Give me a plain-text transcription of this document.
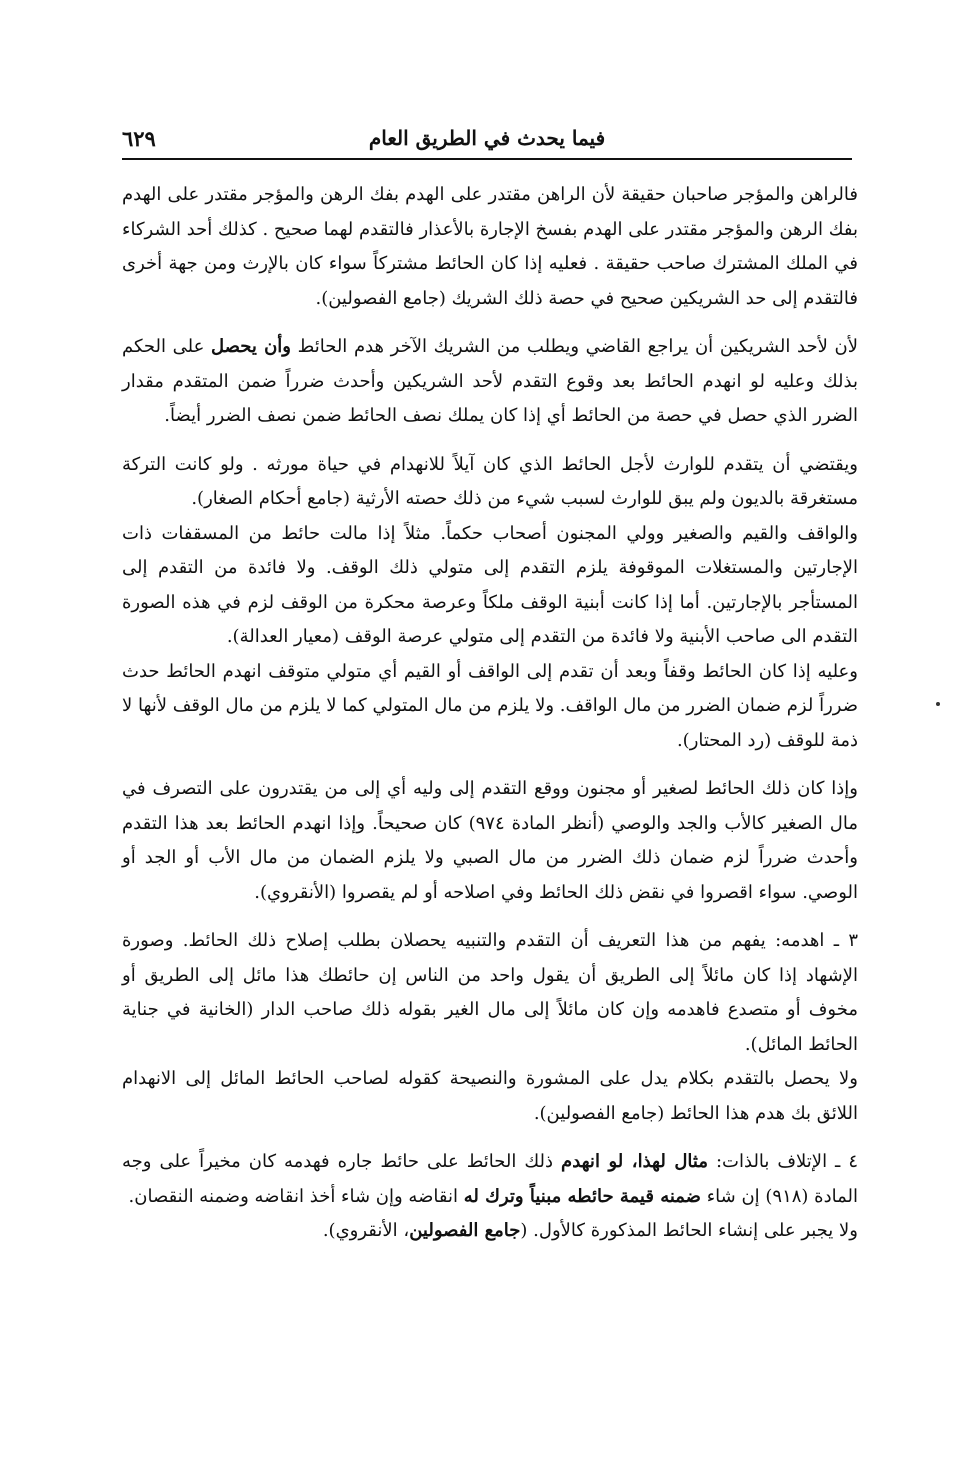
فيما يحدث في الطريق العام
٦٢٩

فالراهن والمؤجر صاحبان حقيقة لأن الراهن مقتدر على الهدم بفك الرهن والمؤجر مقتدر على الهدم بفك الرهن والمؤجر مقتدر على الهدم بفسخ الإجارة بالأعذار فالتقدم لهما صحيح . كذلك أحد الشركاء في الملك المشترك صاحب حقيقة . فعليه إذا كان الحائط مشتركاً سواء كان بالإرث ومن جهة أخرى فالتقدم إلى حد الشريكين صحيح في حصة ذلك الشريك (جامع الفصولين).

لأن لأحد الشريكين أن يراجع القاضي ويطلب من الشريك الآخر هدم الحائط وأن يحصل على الحكم بذلك وعليه لو انهدم الحائط بعد وقوع التقدم لأحد الشريكين وأحدث ضرراً ضمن المتقدم مقدار الضرر الذي حصل في حصة من الحائط أي إذا كان يملك نصف الحائط ضمن نصف الضرر أيضاً.

ويقتضي أن يتقدم للوارث لأجل الحائط الذي كان آيلاً للانهدام في حياة مورثه . ولو كانت التركة مستغرقة بالديون ولم يبق للوارث لسبب شيء من ذلك حصته الأرثية (جامع أحكام الصغار).

والواقف والقيم والصغير وولي المجنون أصحاب حكماً. مثلاً إذا مالت حائط من المسقفات ذات الإجارتين والمستغلات الموقوفة يلزم التقدم إلى متولي ذلك الوقف. ولا فائدة من التقدم إلى المستأجر بالإجارتين. أما إذا كانت أبنية الوقف ملكاً وعرصة محكرة من الوقف لزم في هذه الصورة التقدم الى صاحب الأبنية ولا فائدة من التقدم إلى متولي عرصة الوقف (معيار العدالة).

وعليه إذا كان الحائط وقفاً وبعد أن تقدم إلى الواقف أو القيم أي متولي متوقف انهدم الحائط حدث ضرراً لزم ضمان الضرر من مال الواقف. ولا يلزم من مال المتولي كما لا يلزم من مال الوقف لأنها لا ذمة للوقف (رد المحتار).

وإذا كان ذلك الحائط لصغير أو مجنون ووقع التقدم إلى وليه أي إلى من يقتدرون على التصرف في مال الصغير كالأب والجد والوصي (أنظر المادة ٩٧٤) كان صحيحاً. وإذا انهدم الحائط بعد هذا التقدم وأحدث ضرراً لزم ضمان ذلك الضرر من مال الصبي ولا يلزم الضمان من مال الأب أو الجد أو الوصي. سواء اقصروا في نقض ذلك الحائط وفي اصلاحه أو لم يقصروا (الأنقروي).

٣ ـ اهدمه: يفهم من هذا التعريف أن التقدم والتنبيه يحصلان بطلب إصلاح ذلك الحائط. وصورة الإشهاد إذا كان مائلاً إلى الطريق أن يقول واحد من الناس إن حائطك هذا مائل إلى الطريق أو مخوف أو متصدع فاهدمه وإن كان مائلاً إلى مال الغير بقوله ذلك صاحب الدار (الخانية في جناية الحائط المائل).

ولا يحصل بالتقدم بكلام يدل على المشورة والنصيحة كقوله لصاحب الحائط المائل إلى الانهدام اللائق بك هدم هذا الحائط (جامع الفصولين).

٤ ـ الإتلاف بالذات: مثال لهذا، لو انهدم ذلك الحائط على حائط جاره فهدمه كان مخيراً على وجه المادة (٩١٨) إن شاء ضمنه قيمة حائطه مبنياً وترك له انقاضه وإن شاء أخذ انقاضه وضمنه النقصان.

ولا يجبر على إنشاء الحائط المذكورة كالأول. (جامع الفصولين، الأنقروي).
